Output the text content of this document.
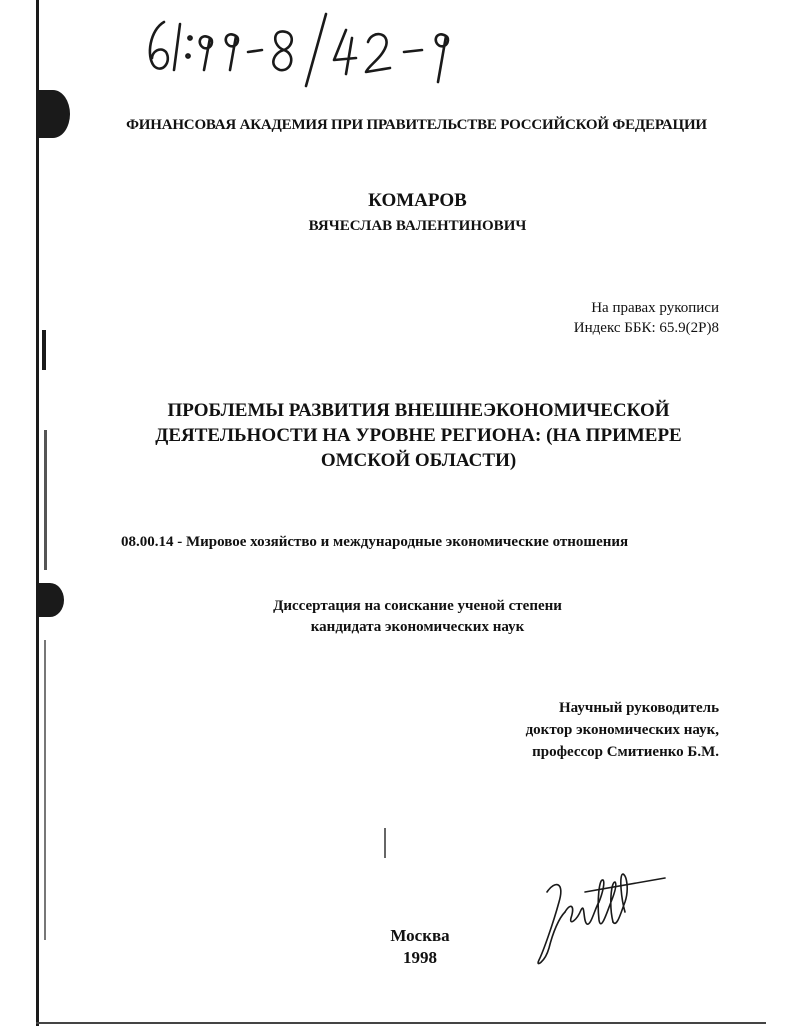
ФИНАНСОВАЯ АКАДЕМИЯ ПРИ ПРАВИТЕЛЬСТВЕ РОССИЙСКОЙ ФЕДЕРАЦИИ
КОМАРОВ
ВЯЧЕСЛАВ ВАЛЕНТИНОВИЧ
На правах рукописи
Индекс ББК: 65.9(2Р)8
ПРОБЛЕМЫ РАЗВИТИЯ ВНЕШНЕЭКОНОМИЧЕСКОЙ
ДЕЯТЕЛЬНОСТИ НА УРОВНЕ РЕГИОНА: (НА ПРИМЕРЕ
ОМСКОЙ ОБЛАСТИ)
08.00.14 - Мировое хозяйство и международные экономические отношения
Диссертация на соискание ученой степени
кандидата экономических наук
Научный руководитель
доктор экономических наук,
профессор Смитиенко Б.М.
Москва
1998
